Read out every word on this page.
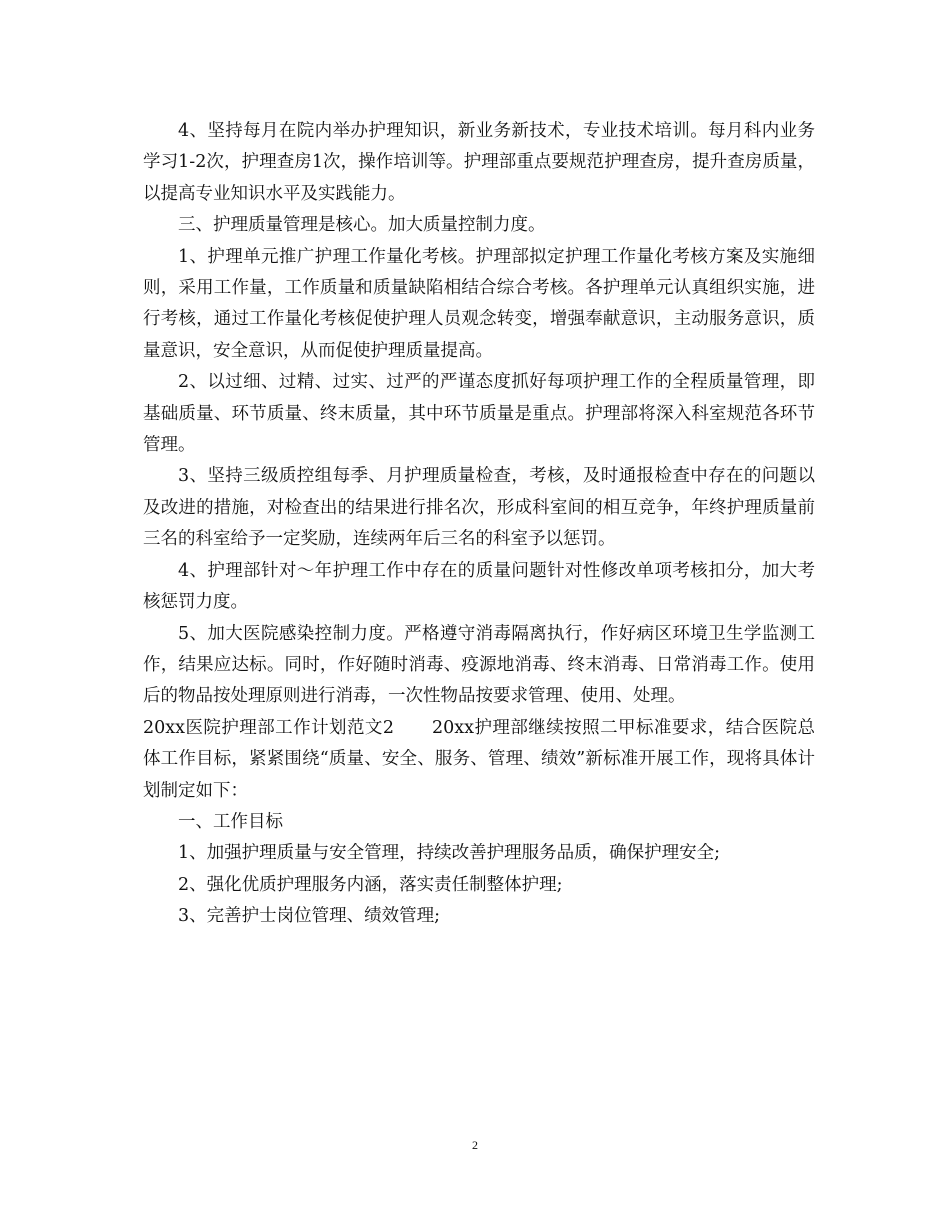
4、坚持每月在院内举办护理知识，新业务新技术，专业技术培训。每月科内业务学习1-2次，护理查房1次，操作培训等。护理部重点要规范护理查房，提升查房质量，以提高专业知识水平及实践能力。

三、护理质量管理是核心。加大质量控制力度。

1、护理单元推广护理工作量化考核。护理部拟定护理工作量化考核方案及实施细则，采用工作量，工作质量和质量缺陷相结合综合考核。各护理单元认真组织实施，进行考核，通过工作量化考核促使护理人员观念转变，增强奉献意识，主动服务意识，质量意识，安全意识，从而促使护理质量提高。

2、以过细、过精、过实、过严的严谨态度抓好每项护理工作的全程质量管理，即基础质量、环节质量、终末质量，其中环节质量是重点。护理部将深入科室规范各环节管理。

3、坚持三级质控组每季、月护理质量检查，考核，及时通报检查中存在的问题以及改进的措施，对检查出的结果进行排名次，形成科室间的相互竞争，年终护理质量前三名的科室给予一定奖励，连续两年后三名的科室予以惩罚。

4、护理部针对～年护理工作中存在的质量问题针对性修改单项考核扣分，加大考核惩罚力度。

5、加大医院感染控制力度。严格遵守消毒隔离执行，作好病区环境卫生学监测工作，结果应达标。同时，作好随时消毒、疫源地消毒、终末消毒、日常消毒工作。使用后的物品按处理原则进行消毒，一次性物品按要求管理、使用、处理。

20xx医院护理部工作计划范文2 20xx护理部继续按照二甲标准要求，结合医院总体工作目标，紧紧围绕“质量、安全、服务、管理、绩效”新标准开展工作，现将具体计划制定如下：

一、工作目标

1、加强护理质量与安全管理，持续改善护理服务品质，确保护理安全;

2、强化优质护理服务内涵，落实责任制整体护理;

3、完善护士岗位管理、绩效管理;

2
